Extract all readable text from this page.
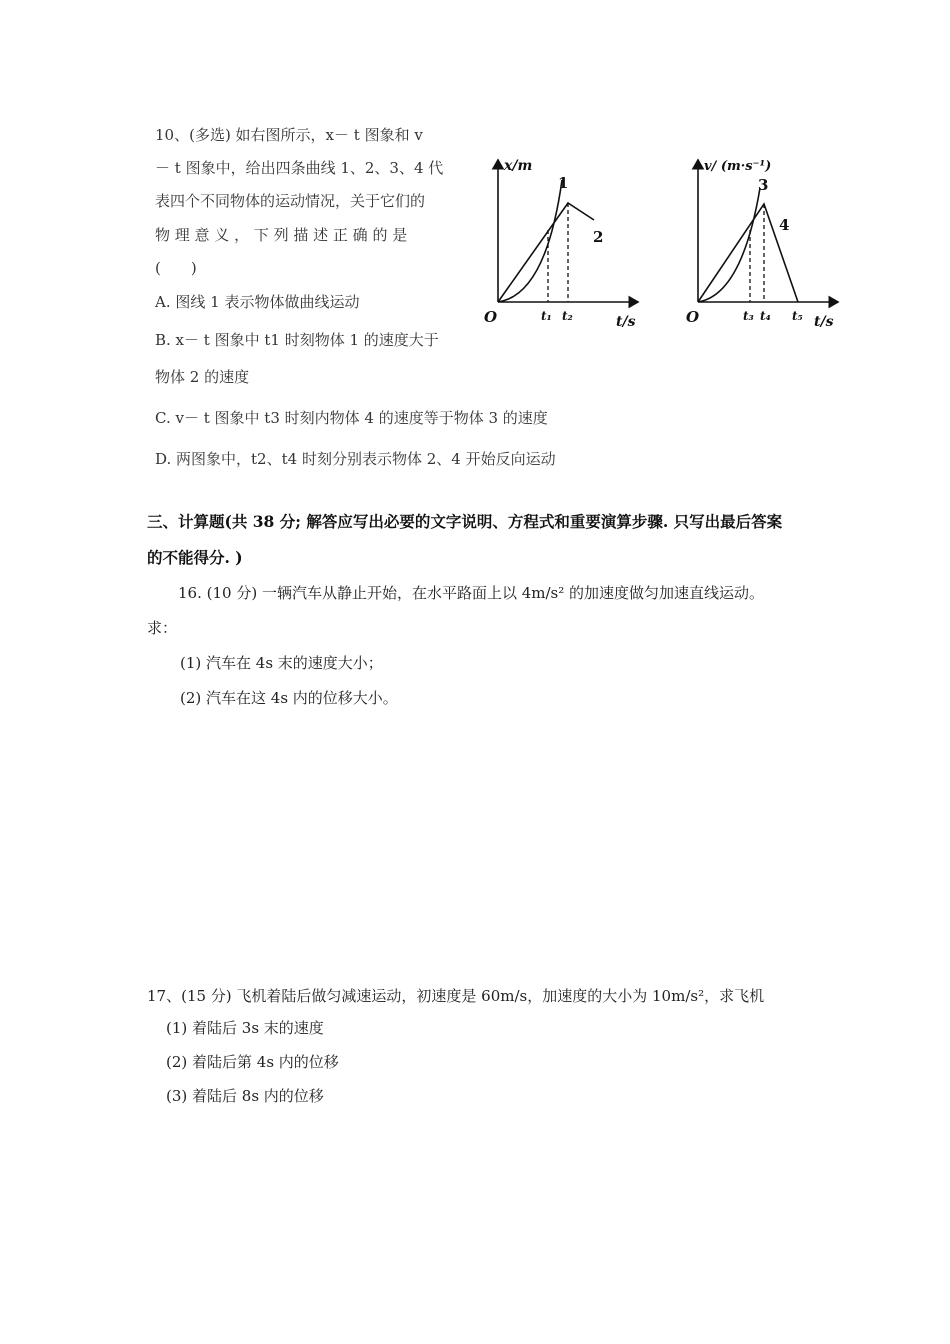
10、(多选) 如右图所示，x－ t 图象和 v
－ t 图象中，给出四条曲线 1、2、3、4 代
表四个不同物体的运动情况，关于它们的
物 理 意 义 ， 下 列 描 述 正 确 的 是
(　　)
A. 图线 1 表示物体做曲线运动
B. x－ t 图象中 t1 时刻物体 1 的速度大于
物体 2 的速度
C. v－ t 图象中 t3 时刻内物体 4 的速度等于物体 3 的速度
D. 两图象中，t2、t4 时刻分别表示物体 2、4 开始反向运动
x/m
t/s
O
1
2
t₁ t₂
v/ (m·s⁻¹)
t/s
O
3
4
t₃ t₄ t₅
三、计算题(共 38 分; 解答应写出必要的文字说明、方程式和重要演算步骤. 只写出最后答案
的不能得分. )
16. (10 分) 一辆汽车从静止开始，在水平路面上以 4m/s² 的加速度做匀加速直线运动。
求：
(1) 汽车在 4s 末的速度大小；
(2) 汽车在这 4s 内的位移大小。
17、(15 分) 飞机着陆后做匀减速运动，初速度是 60m/s，加速度的大小为 10m/s²，求飞机
(1) 着陆后 3s 末的速度
(2) 着陆后第 4s 内的位移
(3) 着陆后 8s 内的位移
